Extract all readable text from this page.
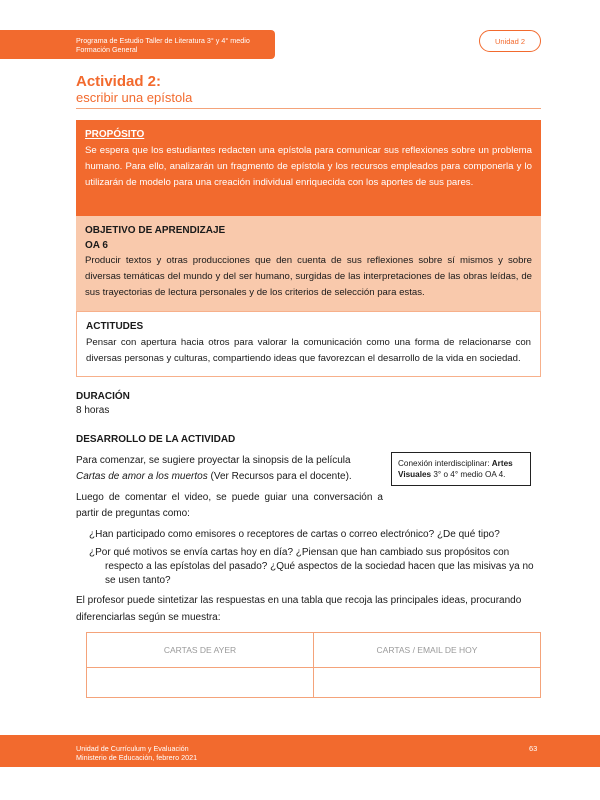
Programa de Estudio Taller de Literatura 3° y 4° medio
Formación General
Unidad 2
Actividad 2:
escribir una epístola
PROPÓSITO
Se espera que los estudiantes redacten una epístola para comunicar sus reflexiones sobre un problema humano. Para ello, analizarán un fragmento de epístola y los recursos empleados para componerla y lo utilizarán de modelo para una creación individual enriquecida con los aportes de sus pares.
OBJETIVO DE APRENDIZAJE
OA 6
Producir textos y otras producciones que den cuenta de sus reflexiones sobre sí mismos y sobre diversas temáticas del mundo y del ser humano, surgidas de las interpretaciones de las obras leídas, de sus trayectorias de lectura personales y de los criterios de selección para estas.
ACTITUDES
Pensar con apertura hacia otros para valorar la comunicación como una forma de relacionarse con diversas personas y culturas, compartiendo ideas que favorezcan el desarrollo de la vida en sociedad.
DURACIÓN
8 horas
DESARROLLO DE LA ACTIVIDAD
Para comenzar, se sugiere proyectar la sinopsis de la película Cartas de amor a los muertos (Ver Recursos para el docente).
Conexión interdisciplinar: Artes Visuales 3° o 4° medio OA 4.
Luego de comentar el video, se puede guiar una conversación a partir de preguntas como:
¿Han participado como emisores o receptores de cartas o correo electrónico? ¿De qué tipo?
¿Por qué motivos se envía cartas hoy en día? ¿Piensan que han cambiado sus propósitos con respecto a las epístolas del pasado? ¿Qué aspectos de la sociedad hacen que las misivas ya no se usen tanto?
El profesor puede sintetizar las respuestas en una tabla que recoja las principales ideas, procurando diferenciarlas según se muestra:
CARTAS DE AYER	CARTAS / EMAIL DE HOY

Unidad de Currículum y Evaluación
Ministerio de Educación, febrero 2021
63
